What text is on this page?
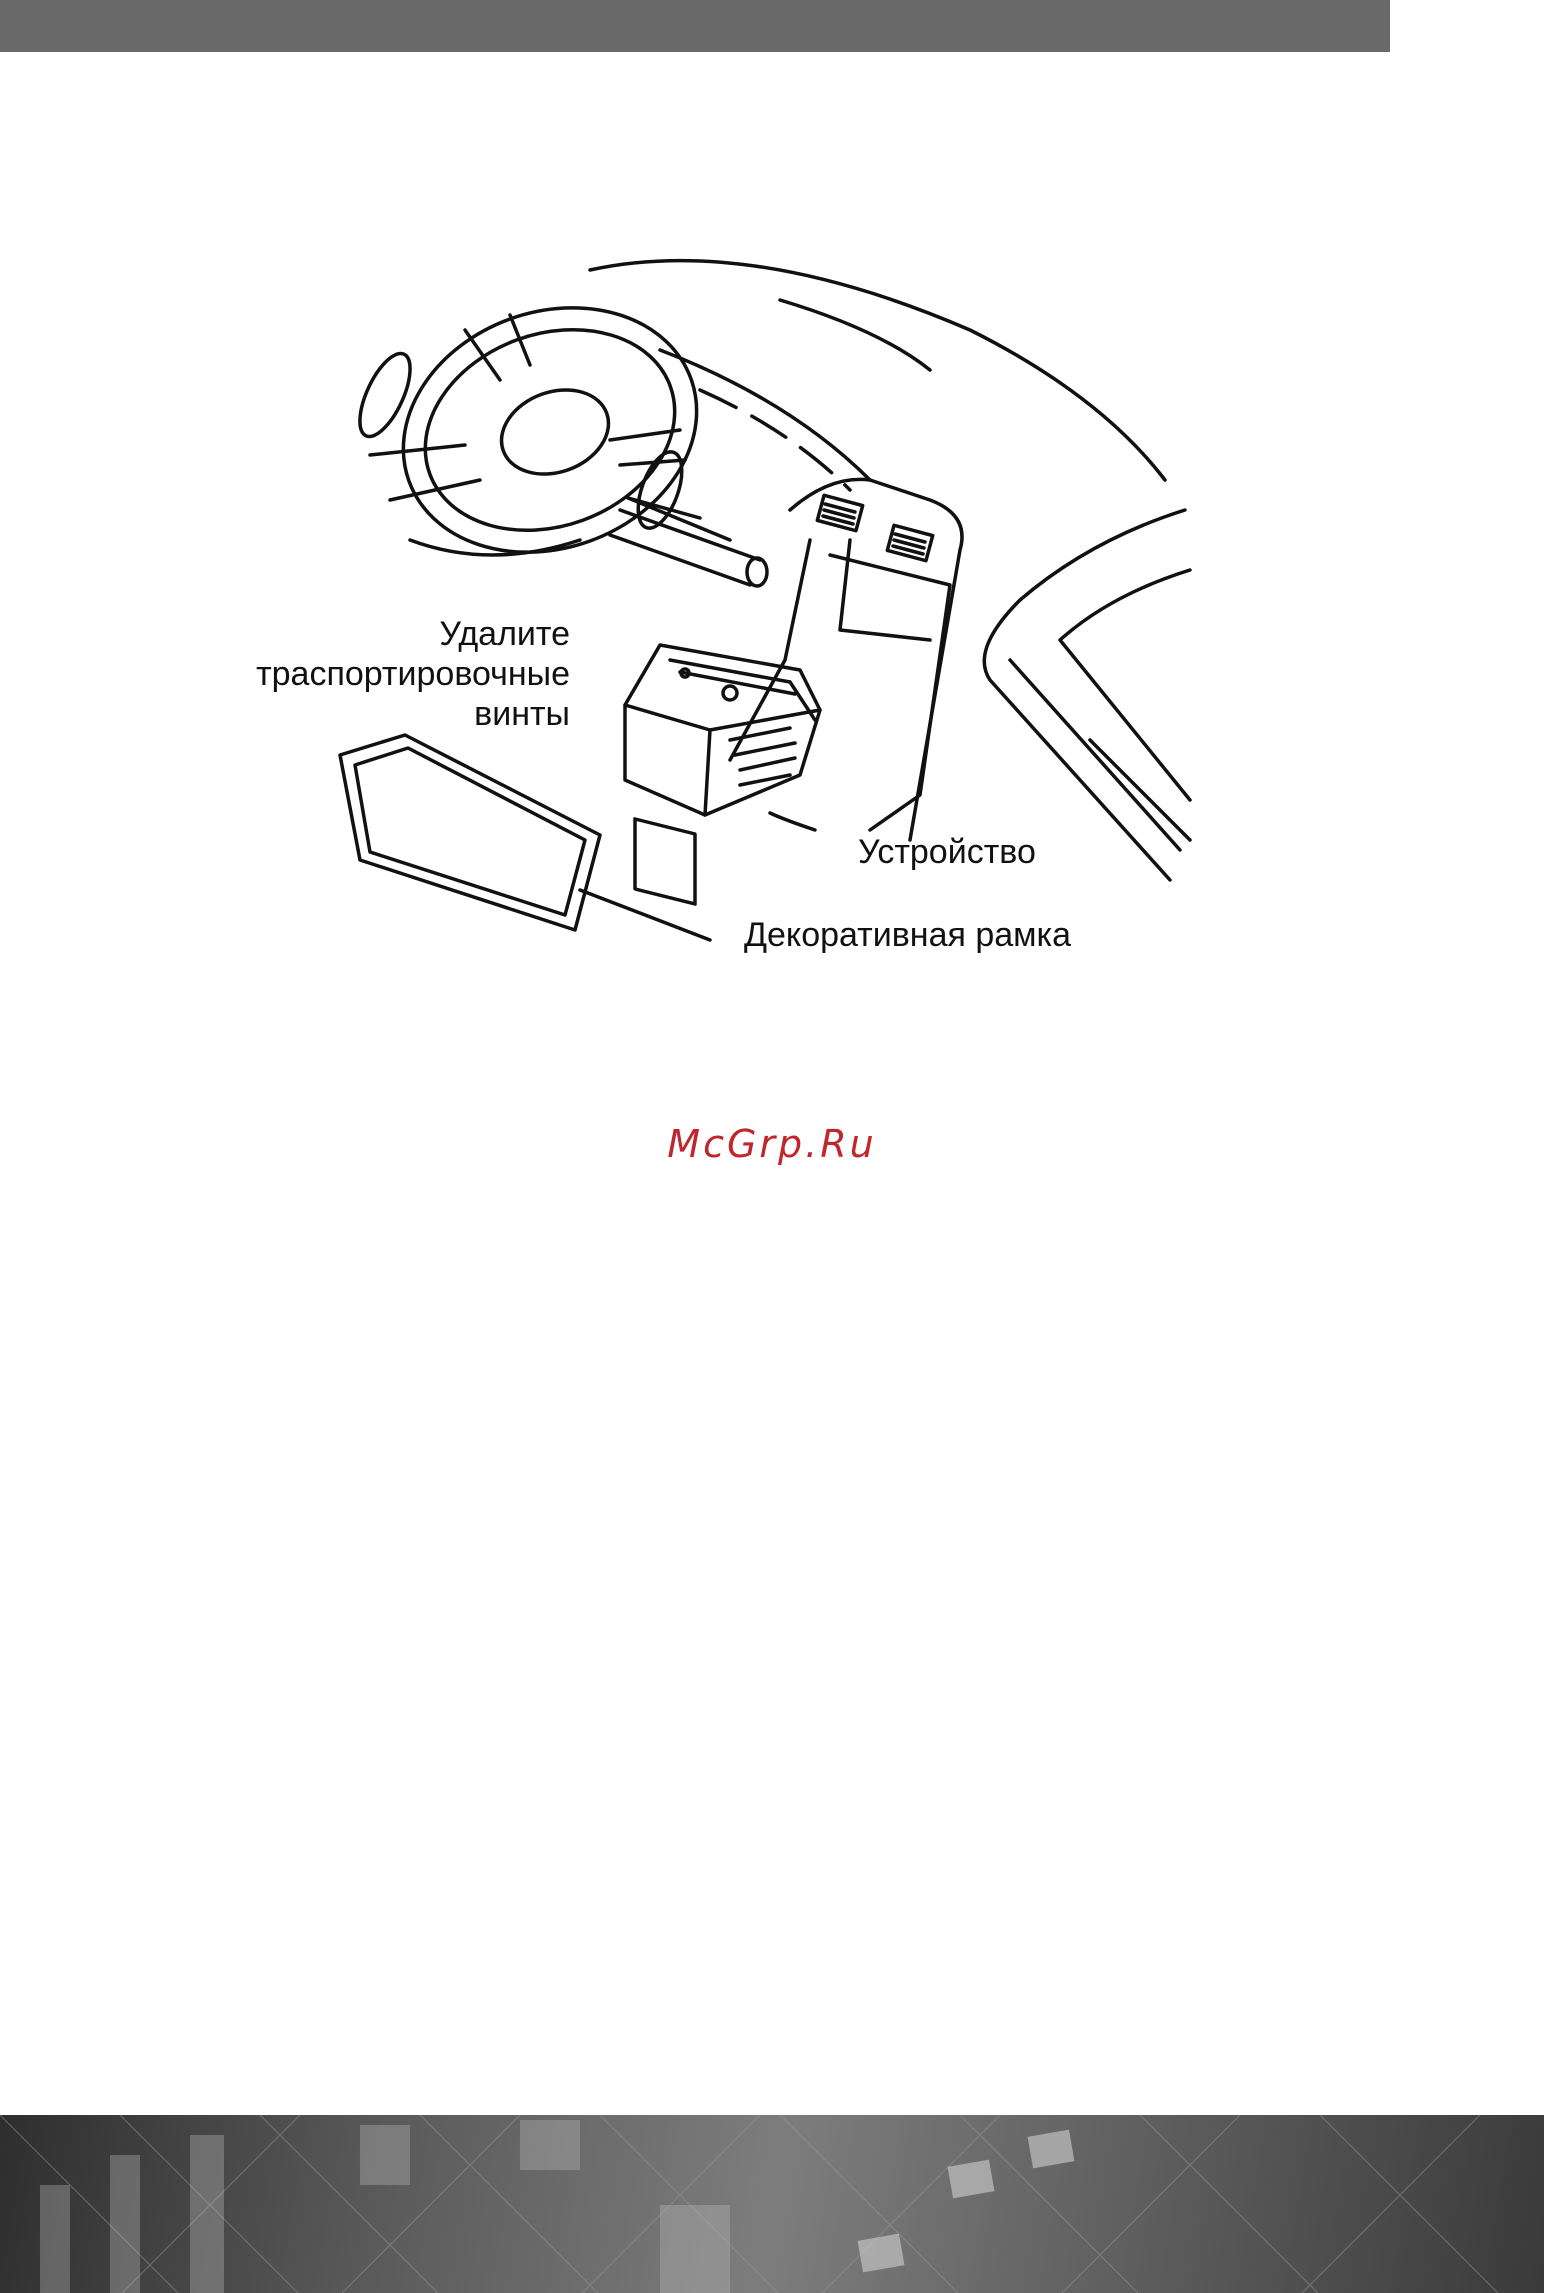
Удалите
траспортировочные
винты
Устройство
Декоративная рамка
McGrp.Ru
